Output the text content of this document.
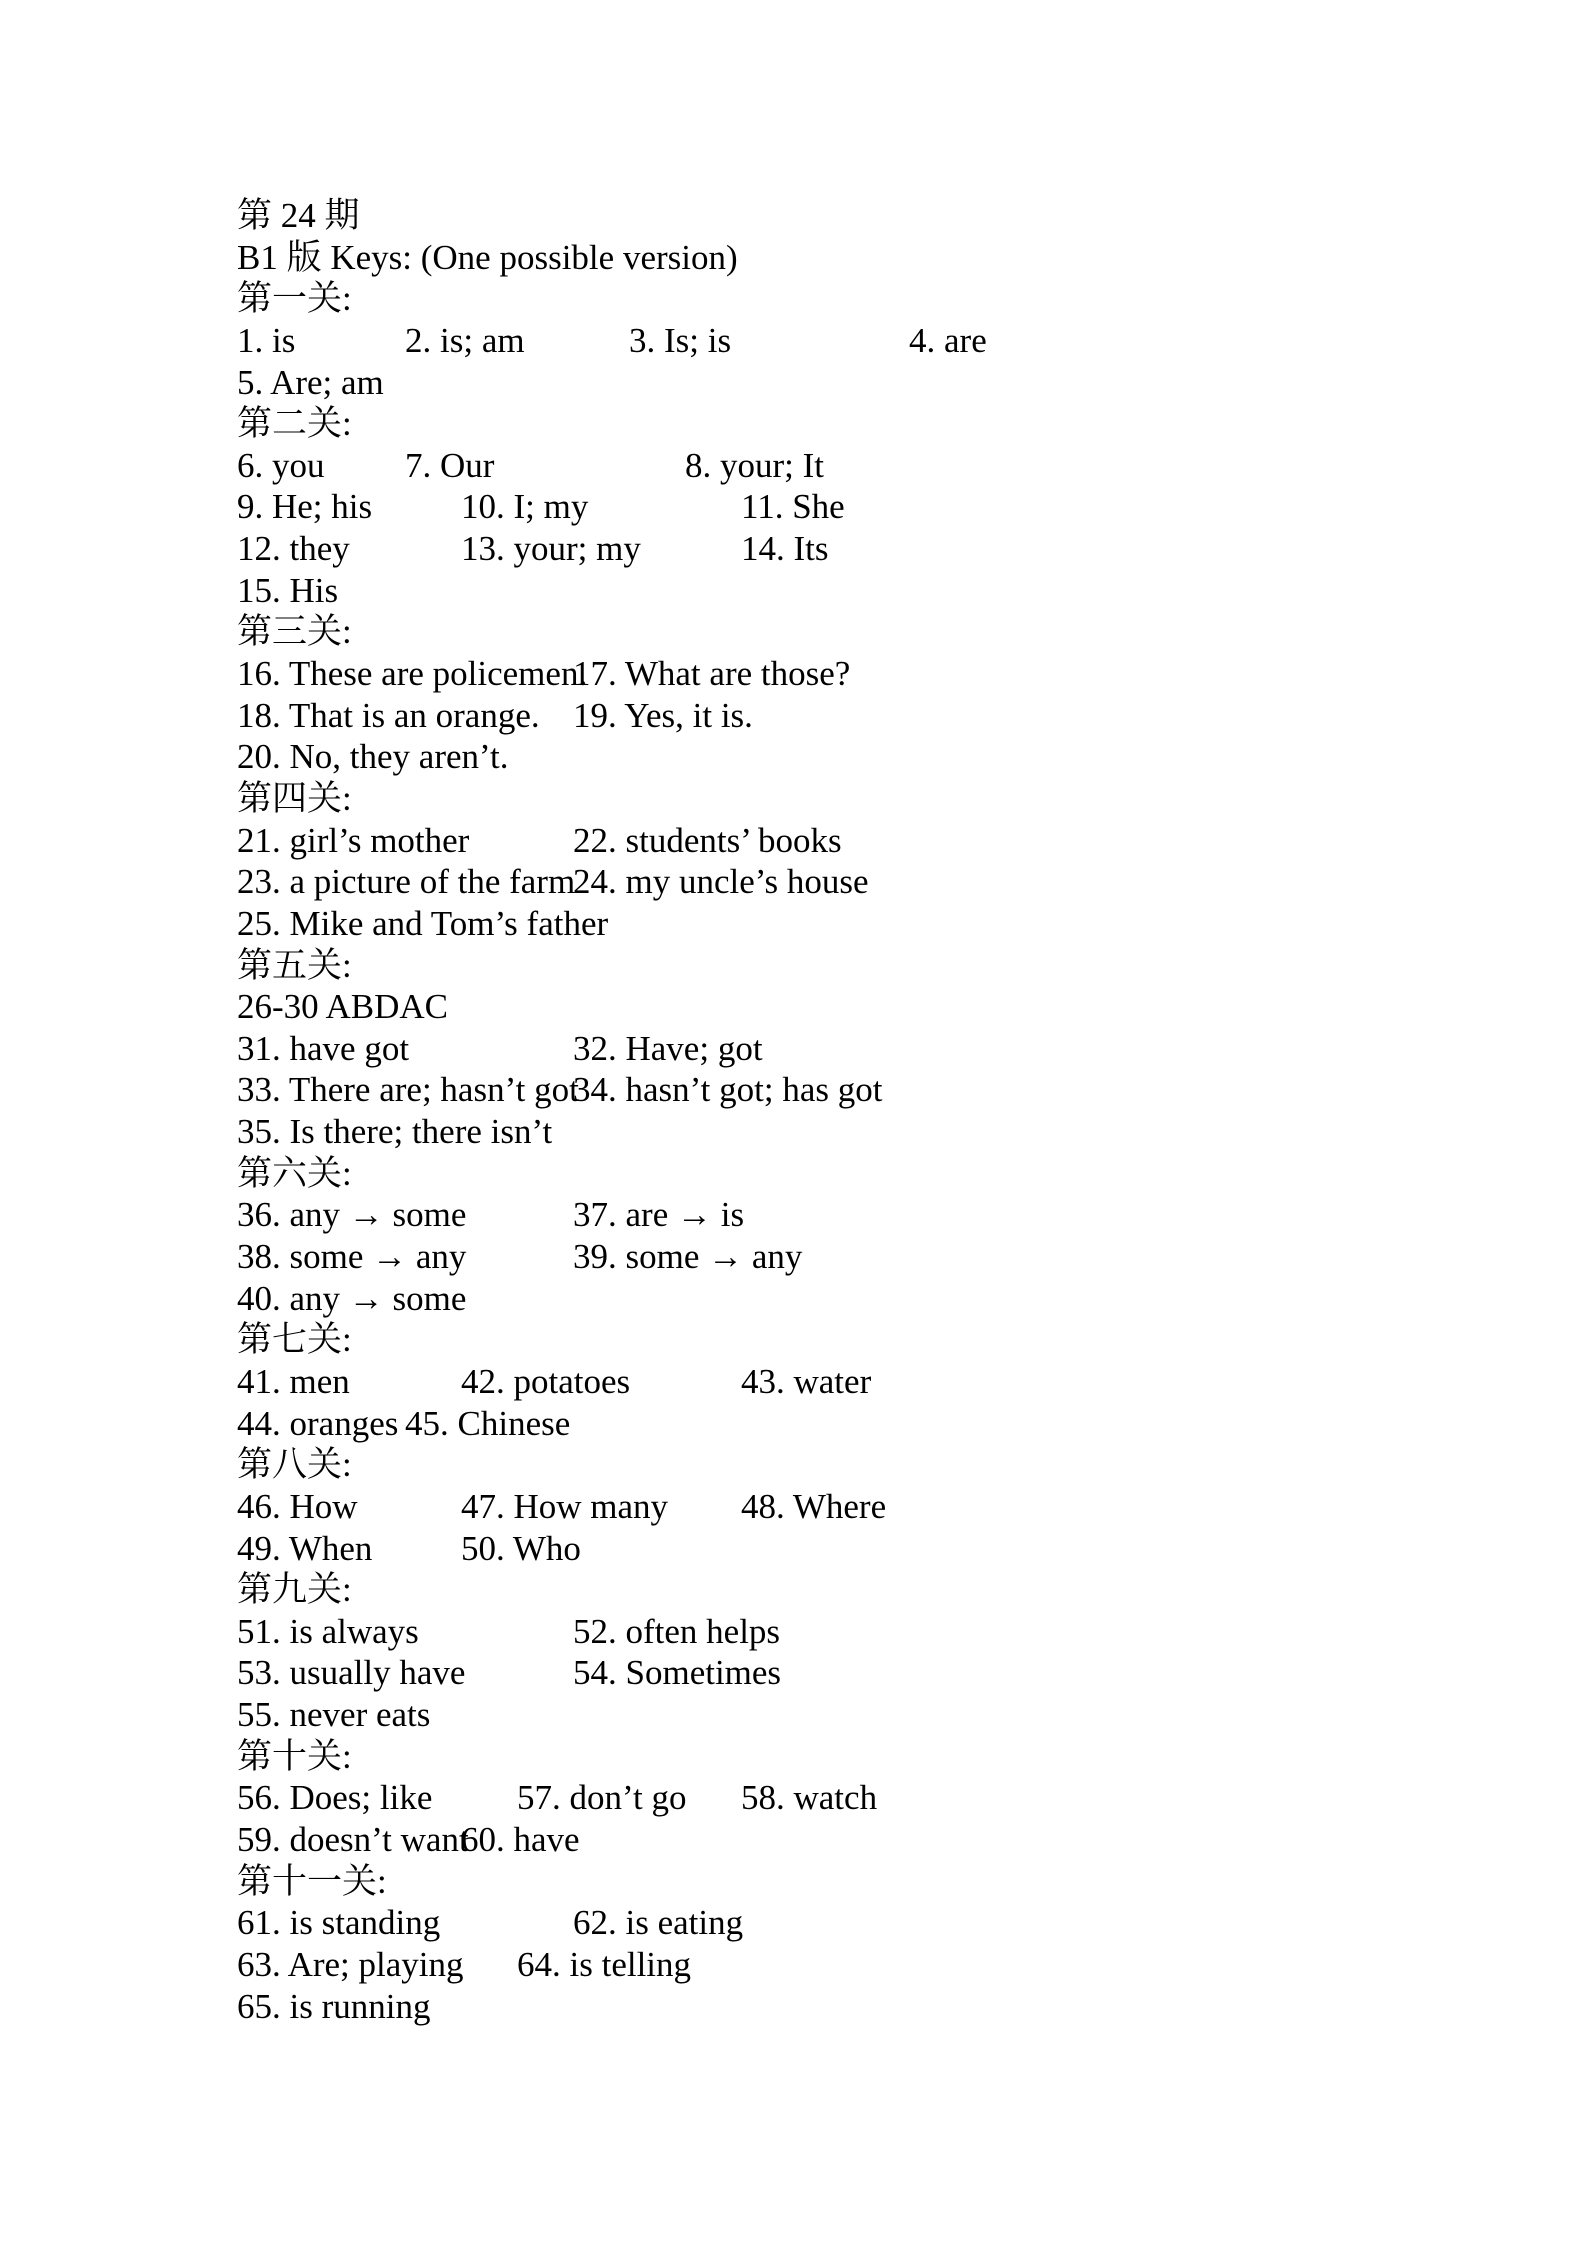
第 24 期
B1 版 Keys: (One possible version)
第一关:
1. is	2. is; am	3. Is; is	4. are
5. Are; am
第二关:
6. you 7. Our	8. your; It
9. He; his	10. I; my	11. She
12. they	13. your; my	14. Its
15. His
第三关:
16. These are policemen.
17. What are those?
18. That is an orange. 19. Yes, it is.
20. No, they aren’t.
第四关:
21. girl’s mother	22. students’ books
23. a picture of the farm
24. my uncle’s house
25. Mike and Tom’s father
第五关:
26-30 ABDAC
31. have got	32. Have; got
33. There are; hasn’t got
34. hasn’t got; has got
35. Is there; there isn’t
第六关:
36. any → some	37. are → is
38. some → any	39. some → any
40. any → some
第七关:
41. men	42. potatoes	43. water
44. oranges 45. Chinese
第八关:
46. How	47. How many 48. Where
49. When	50. Who
第九关:
51. is always	52. often helps
53. usually have	54. Sometimes
55. never eats
第十关:
56. Does; like 57. don’t go 58. watch
59. doesn’t want
60. have
第十一关:
61. is standing	62. is eating
63. Are; playing 64. is telling
65. is running
